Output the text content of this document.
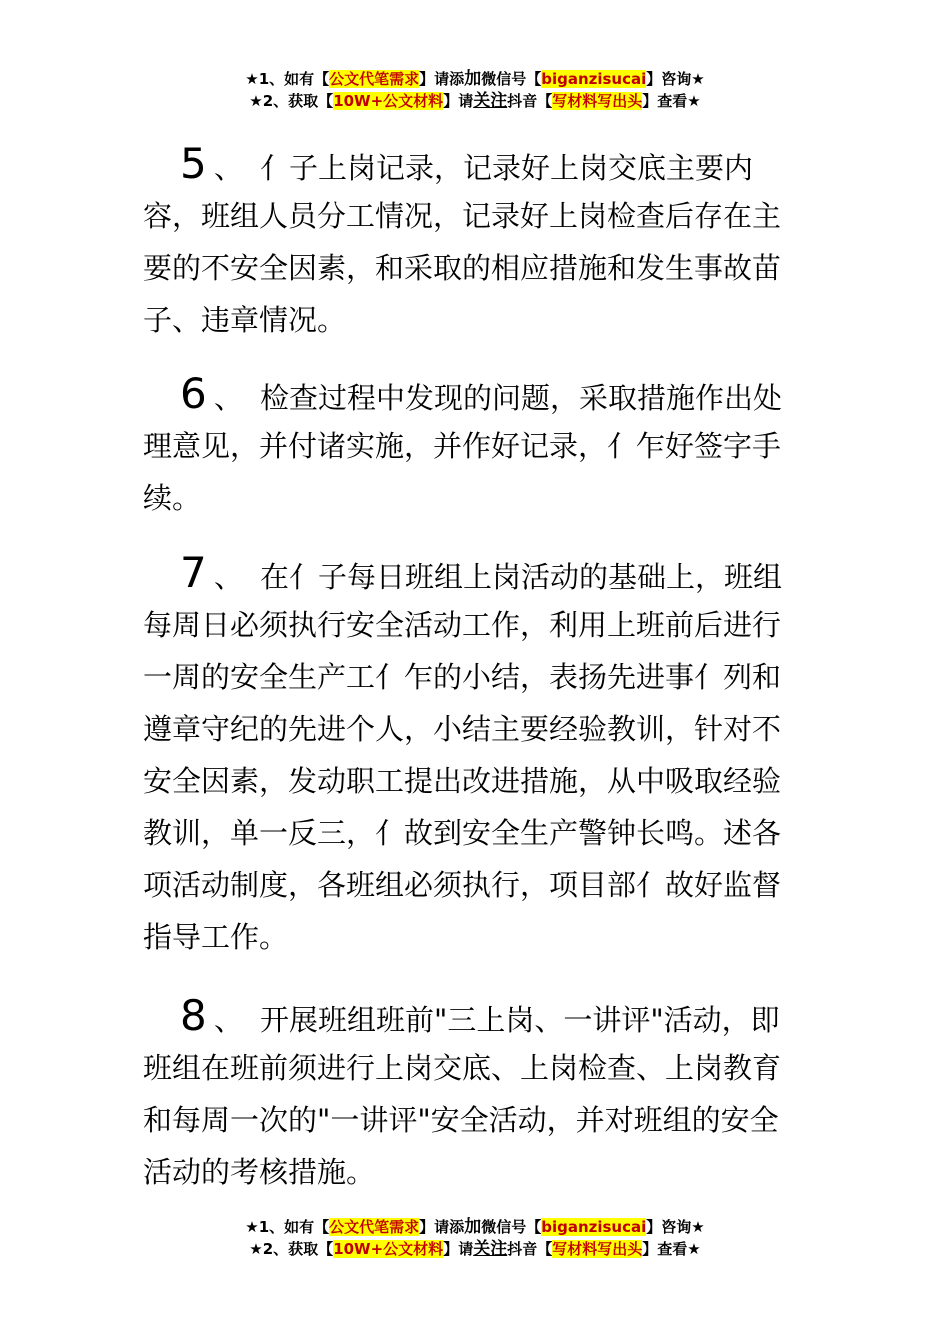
★1、如有【公文代笔需求】请添加微信号【biganzisucai】咨询★
★2、获取【10W+公文材料】请关注抖音【写材料写出头】查看★
5 、 亻子上岗记录，记录好上岗交底主要内
容，班组人员分工情况，记录好上岗检查后存在主
要的不安全因素，和采取的相应措施和发生事故苗
子、违章情况。
6 、 检查过程中发现的问题，采取措施作出处
理意见，并付诸实施，并作好记录，亻乍好签字手
续。
7 、 在亻子每日班组上岗活动的基础上，班组
每周日必须执行安全活动工作，利用上班前后进行
一周的安全生产工亻乍的小结，表扬先进事亻列和
遵章守纪的先进个人，小结主要经验教训，针对不
安全因素，发动职工提出改进措施，从中吸取经验
教训，单一反三，亻故到安全生产警钟长鸣。述各
项活动制度，各班组必须执行，项目部亻故好监督
指导工作。
8 、 开展班组班前"三上岗、一讲评"活动，即
班组在班前须进行上岗交底、上岗检查、上岗教育
和每周一次的"一讲评"安全活动，并对班组的安全
活动的考核措施。
★1、如有【公文代笔需求】请添加微信号【biganzisucai】咨询★
★2、获取【10W+公文材料】请关注抖音【写材料写出头】查看★
